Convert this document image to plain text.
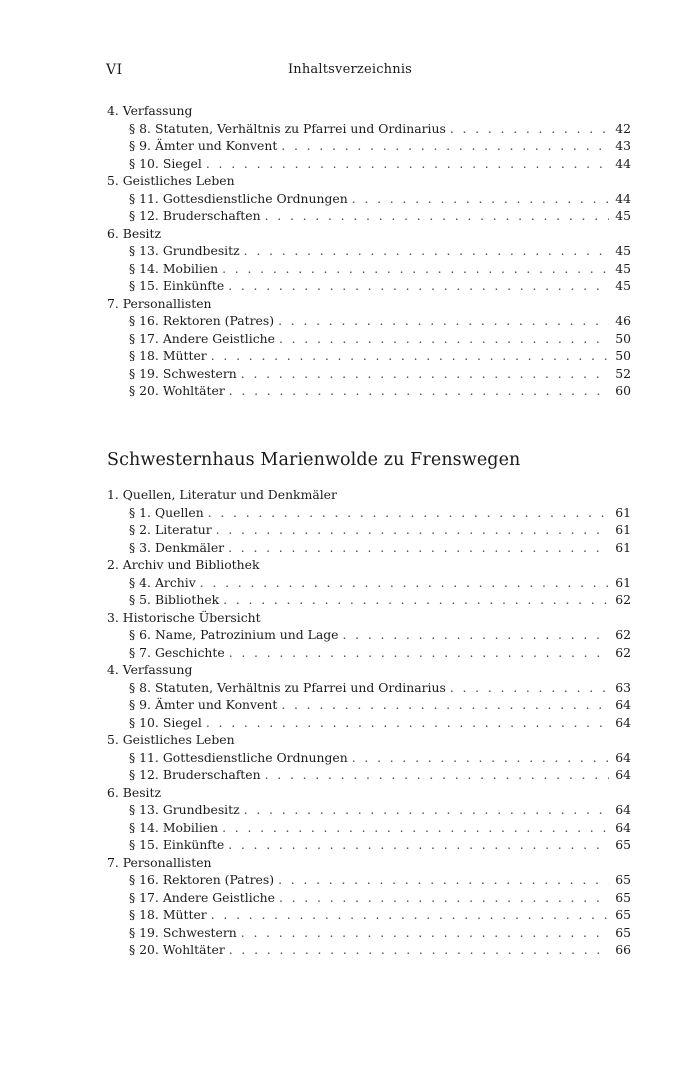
VI	Inhaltsverzeichnis
4. Verfassung
§ 8. Statuten, Verhältnis zu Pfarrei und Ordinarius . . .	42
§ 9. Ämter und Konvent . . .	43
§ 10. Siegel . . .	44
5. Geistliches Leben
§ 11. Gottesdienstliche Ordnungen . . .	44
§ 12. Bruderschaften . . .	45
6. Besitz
§ 13. Grundbesitz . . .	45
§ 14. Mobilien . . .	45
§ 15. Einkünfte . . .	45
7. Personallisten
§ 16. Rektoren (Patres) . . .	46
§ 17. Andere Geistliche . . .	50
§ 18. Mütter . . .	50
§ 19. Schwestern . . .	52
§ 20. Wohltäter . . .	60
Schwesternhaus Marienwolde zu Frenswegen
1. Quellen, Literatur und Denkmäler
§ 1. Quellen . . .	61
§ 2. Literatur . . .	61
§ 3. Denkmäler . . .	61
2. Archiv und Bibliothek
§ 4. Archiv . . .	61
§ 5. Bibliothek . . .	62
3. Historische Übersicht
§ 6. Name, Patrozinium und Lage . . .	62
§ 7. Geschichte . . .	62
4. Verfassung
§ 8. Statuten, Verhältnis zu Pfarrei und Ordinarius . . .	63
§ 9. Ämter und Konvent . . .	64
§ 10. Siegel . . .	64
5. Geistliches Leben
§ 11. Gottesdienstliche Ordnungen . . .	64
§ 12. Bruderschaften . . .	64
6. Besitz
§ 13. Grundbesitz . . .	64
§ 14. Mobilien . . .	64
§ 15. Einkünfte . . .	65
7. Personallisten
§ 16. Rektoren (Patres) . . .	65
§ 17. Andere Geistliche . . .	65
§ 18. Mütter . . .	65
§ 19. Schwestern . . .	65
§ 20. Wohltäter . . .	66
